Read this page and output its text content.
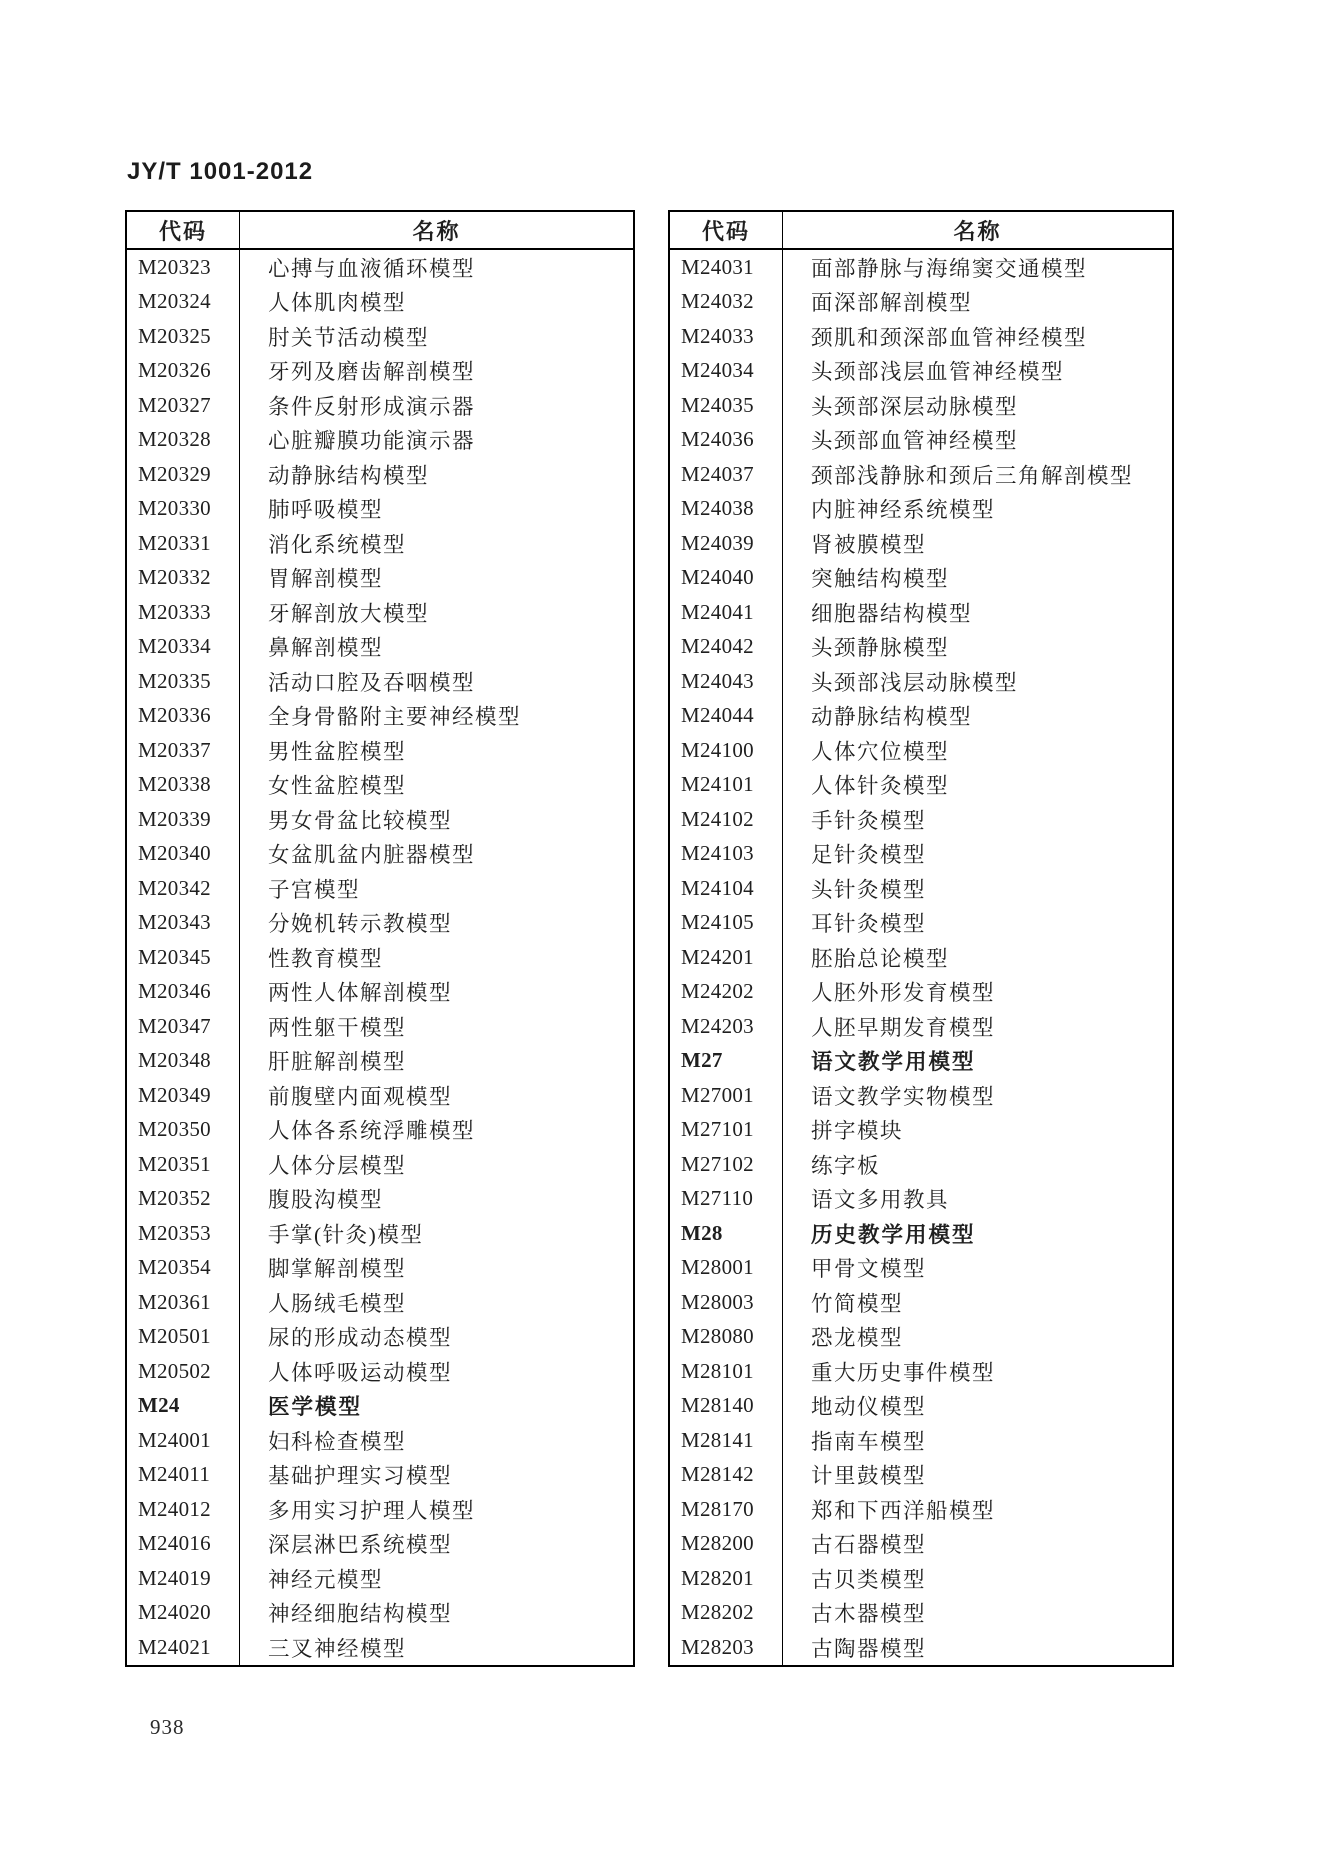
JY/T 1001-2012
代码	名称
M20323	心搏与血液循环模型
M20324	人体肌肉模型
M20325	肘关节活动模型
M20326	牙列及磨齿解剖模型
M20327	条件反射形成演示器
M20328	心脏瓣膜功能演示器
M20329	动静脉结构模型
M20330	肺呼吸模型
M20331	消化系统模型
M20332	胃解剖模型
M20333	牙解剖放大模型
M20334	鼻解剖模型
M20335	活动口腔及吞咽模型
M20336	全身骨骼附主要神经模型
M20337	男性盆腔模型
M20338	女性盆腔模型
M20339	男女骨盆比较模型
M20340	女盆肌盆内脏器模型
M20342	子宫模型
M20343	分娩机转示教模型
M20345	性教育模型
M20346	两性人体解剖模型
M20347	两性躯干模型
M20348	肝脏解剖模型
M20349	前腹壁内面观模型
M20350	人体各系统浮雕模型
M20351	人体分层模型
M20352	腹股沟模型
M20353	手掌(针灸)模型
M20354	脚掌解剖模型
M20361	人肠绒毛模型
M20501	尿的形成动态模型
M20502	人体呼吸运动模型
M24	医学模型
M24001	妇科检查模型
M24011	基础护理实习模型
M24012	多用实习护理人模型
M24016	深层淋巴系统模型
M24019	神经元模型
M24020	神经细胞结构模型
M24021	三叉神经模型
代码	名称
M24031	面部静脉与海绵窦交通模型
M24032	面深部解剖模型
M24033	颈肌和颈深部血管神经模型
M24034	头颈部浅层血管神经模型
M24035	头颈部深层动脉模型
M24036	头颈部血管神经模型
M24037	颈部浅静脉和颈后三角解剖模型
M24038	内脏神经系统模型
M24039	肾被膜模型
M24040	突触结构模型
M24041	细胞器结构模型
M24042	头颈静脉模型
M24043	头颈部浅层动脉模型
M24044	动静脉结构模型
M24100	人体穴位模型
M24101	人体针灸模型
M24102	手针灸模型
M24103	足针灸模型
M24104	头针灸模型
M24105	耳针灸模型
M24201	胚胎总论模型
M24202	人胚外形发育模型
M24203	人胚早期发育模型
M27	语文教学用模型
M27001	语文教学实物模型
M27101	拼字模块
M27102	练字板
M27110	语文多用教具
M28	历史教学用模型
M28001	甲骨文模型
M28003	竹简模型
M28080	恐龙模型
M28101	重大历史事件模型
M28140	地动仪模型
M28141	指南车模型
M28142	计里鼓模型
M28170	郑和下西洋船模型
M28200	古石器模型
M28201	古贝类模型
M28202	古木器模型
M28203	古陶器模型
938
